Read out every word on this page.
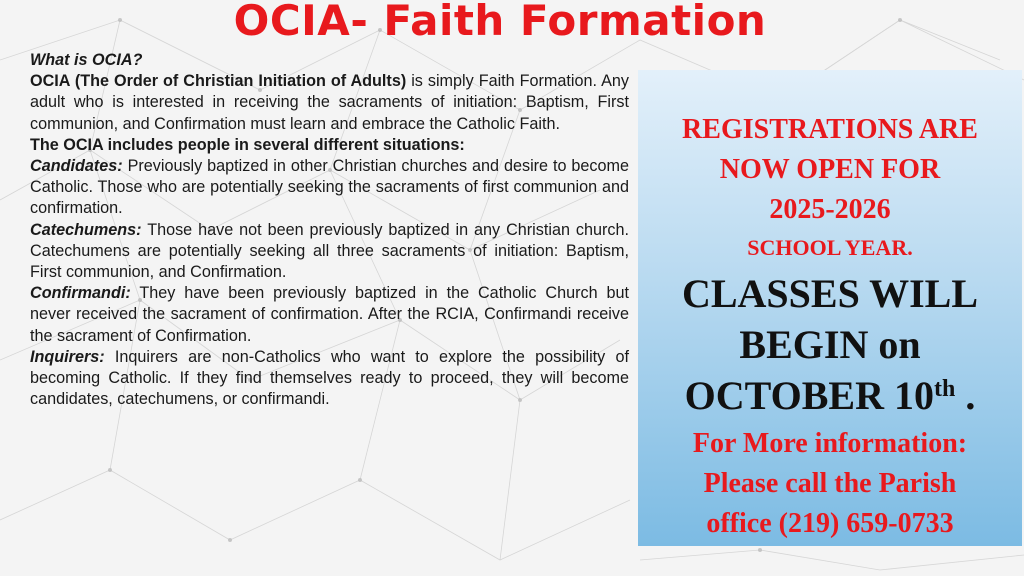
OCIA- Faith Formation

What is OCIA?

OCIA (The Order of Christian Initiation of Adults) is simply Faith Formation. Any adult who is interested in receiving the sacraments of initiation: Baptism, First communion, and Confirmation must learn and embrace the Catholic Faith.

The OCIA includes people in several different situations:

Candidates: Previously baptized in other Christian churches and desire to become Catholic. Those who are potentially seeking the sacraments of first communion and confirmation.

Catechumens: Those have not been previously baptized in any Christian church. Catechumens are potentially seeking all three sacraments of initiation: Baptism, First communion, and Confirmation.

Confirmandi: They have been previously baptized in the Catholic Church but never received the sacrament of confirmation. After the RCIA, Confirmandi receive the sacrament of Confirmation.

Inquirers: Inquirers are non-Catholics who want to explore the possibility of becoming Catholic. If they find themselves ready to proceed, they will become candidates, catechumens, or confirmandi.

REGISTRATIONS ARE

NOW OPEN FOR

2025-2026

SCHOOL YEAR.

CLASSES WILL

BEGIN on

OCTOBER 10th .

For More information:

Please call the Parish

office (219) 659-0733
